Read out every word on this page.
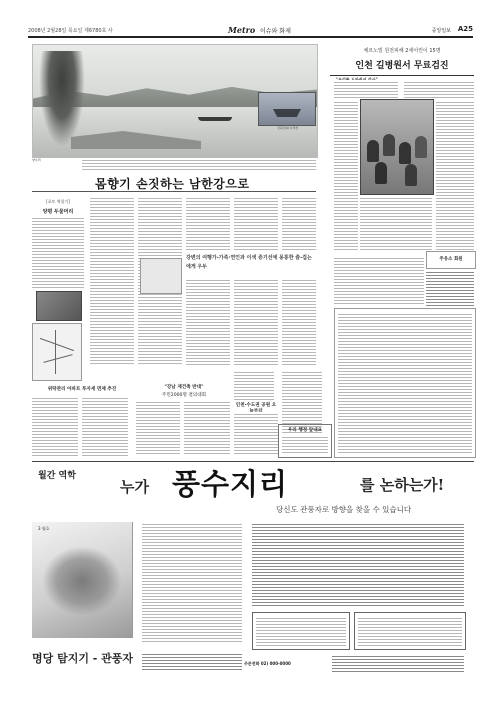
2008년 2월28일 목요일 제6780호 사	Metro 이슈와 화제	중앙일보 A25
강원정의 여객선
양수리
몸향기 손짓하는 남한강으로
[포토 역할기]
양평 두물머리
강변의 여행가-가족·연인과 이색 증기선에 몽롱한 즐-겁는에게 우두
체르노빌 원전피해 2세어린이 15명
인천 길병원서 무료검진
주유소 회원
위탁관리 아파트 투자세 면제 추진	"강남 재건축 반대"
주민2000명 결의대회
인천·수도권 공원 오
우리 행정 앞내요
월간 역학
누가 풍수지리	를 논하는가!
당신도 관풍자로 방향을 찾을 수 있습니다
3 월호
명당 탐지기 - 관풍자	주문전화 02) 000-0000
